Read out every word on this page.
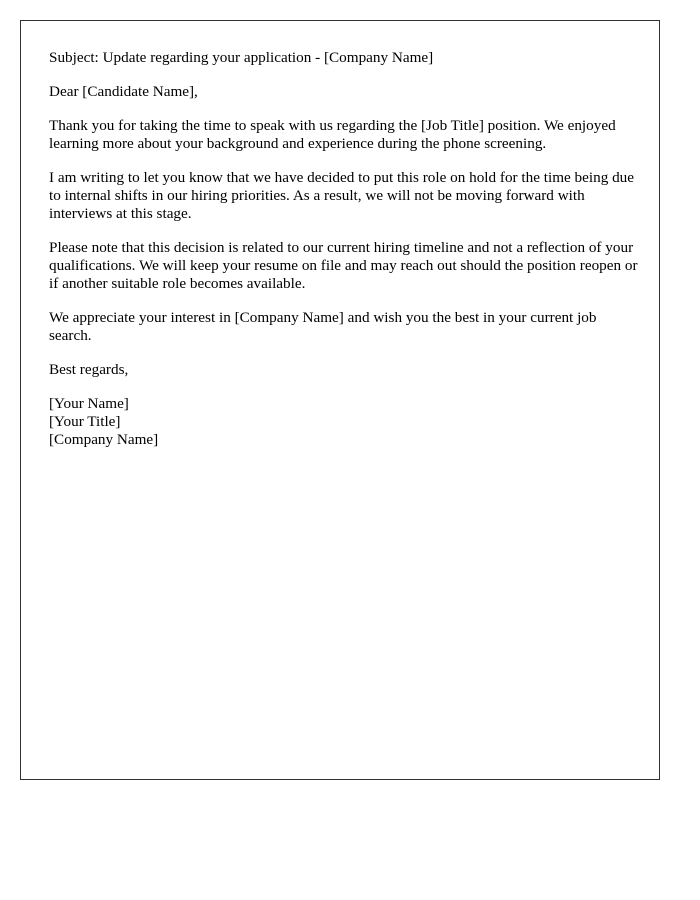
Subject: Update regarding your application - [Company Name]

Dear [Candidate Name],

Thank you for taking the time to speak with us regarding the [Job Title] position. We enjoyed learning more about your background and experience during the phone screening.

I am writing to let you know that we have decided to put this role on hold for the time being due to internal shifts in our hiring priorities. As a result, we will not be moving forward with interviews at this stage.

Please note that this decision is related to our current hiring timeline and not a reflection of your qualifications. We will keep your resume on file and may reach out should the position reopen or if another suitable role becomes available.

We appreciate your interest in [Company Name] and wish you the best in your current job search.

Best regards,

[Your Name]
[Your Title]
[Company Name]
